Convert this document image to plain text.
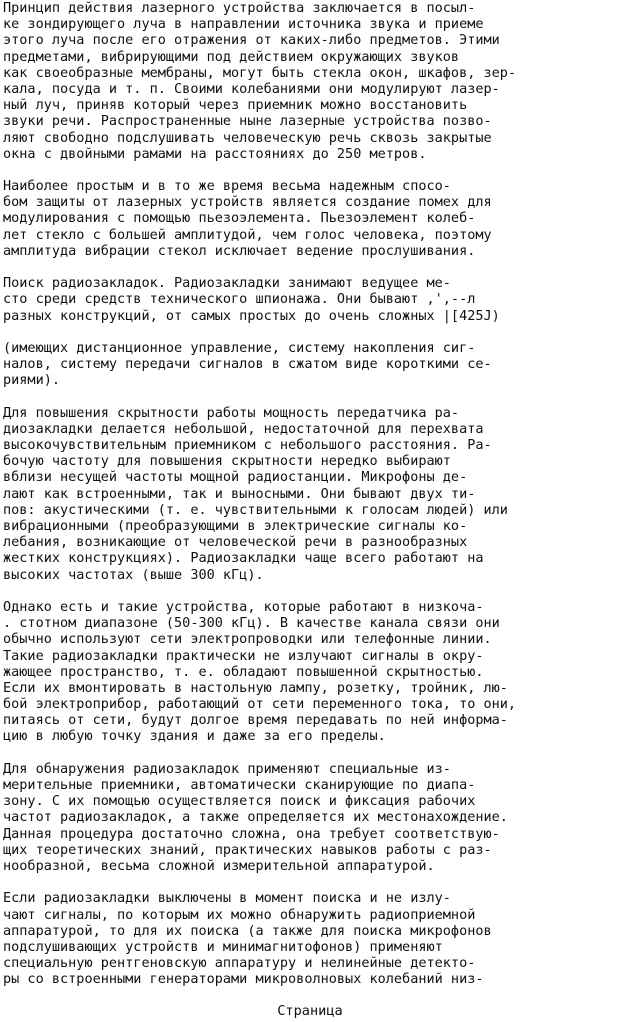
Принцип действия лазерного устройства заключается в посыл-
ке зондирующего луча в направлении источника звука и приеме
этого луча после его отражения от каких-либо предметов. Этими
предметами, вибрирующими под действием окружающих звуков
как своеобразные мембраны, могут быть стекла окон, шкафов, зер-
кала, посуда и т. п. Своими колебаниями они модулируют лазер-
ный луч, приняв который через приемник можно восстановить
звуки речи. Распространенные ныне лазерные устройства позво-
ляют свободно подслушивать человеческую речь сквозь закрытые
окна с двойными рамами на расстояниях до 250 метров.
Наиболее простым и в то же время весьма надежным спосо-
бом защиты от лазерных устройств является создание помех для
модулирования с помощью пьезоэлемента. Пьезоэлемент колеб-
лет стекло с большей амплитудой, чем голос человека, поэтому
амплитуда вибрации стекол исключает ведение прослушивания.
Поиск радиозакладок. Радиозакладки занимают ведущее ме-
сто среди средств технического шпионажа. Они бывают ,',--л
разных конструкций, от самых простых до очень сложных |[425Ј)
(имеющих дистанционное управление, систему накопления сиг-
налов, систему передачи сигналов в сжатом виде короткими се-
риями).
Для повышения скрытности работы мощность передатчика ра-
диозакладки делается небольшой, недостаточной для перехвата
высокочувствительным приемником с небольшого расстояния. Ра-
бочую частоту для повышения скрытности нередко выбирают
вблизи несущей частоты мощной радиостанции. Микрофоны де-
лают как встроенными, так и выносными. Они бывают двух ти-
пов: акустическими (т. е. чувствительными к голосам людей) или
вибрационными (преобразующими в электрические сигналы ко-
лебания, возникающие от человеческой речи в разнообразных
жестких конструкциях). Радиозакладки чаще всего работают на
высоких частотах (выше 300 кГц).
Однако есть и такие устройства, которые работают в низкоча-
. стотном диапазоне (50-300 кГц). В качестве канала связи они
обычно используют сети электропроводки или телефонные линии.
Такие радиозакладки практически не излучают сигналы в окру-
жающее пространство, т. е. обладают повышенной скрытностью.
Если их вмонтировать в настольную лампу, розетку, тройник, лю-
бой электроприбор, работающий от сети переменного тока, то они,
питаясь от сети, будут долгое время передавать по ней информа-
цию в любую точку здания и даже за его пределы.
Для обнаружения радиозакладок применяют специальные из-
мерительные приемники, автоматически сканирующие по диапа-
зону. С их помощью осуществляется поиск и фиксация рабочих
частот радиозакладок, а также определяется их местонахождение.
Данная процедура достаточно сложна, она требует соответствую-
щих теоретических знаний, практических навыков работы с раз-
нообразной, весьма сложной измерительной аппаратурой.
Если радиозакладки выключены в момент поиска и не излу-
чают сигналы, по которым их можно обнаружить радиоприемной
аппаратурой, то для их поиска (а также для поиска микрофонов
подслушивающих устройств и минимагнитофонов) применяют
специальную рентгеновскую аппаратуру и нелинейные детекто-
ры со встроенными генераторами микроволновых колебаний низ-
Страница
